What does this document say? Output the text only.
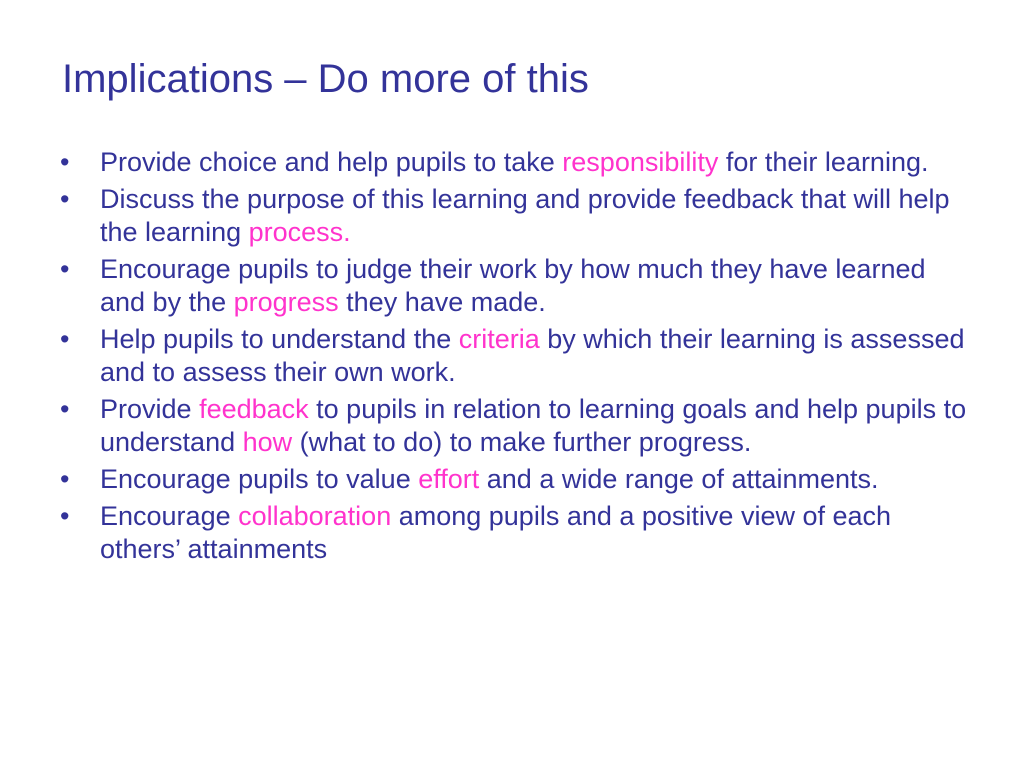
Implications – Do more of this
• Provide choice and help pupils to take responsibility for their learning.
• Discuss the purpose of this learning and provide feedback that will help the learning process.
• Encourage pupils to judge their work by how much they have learned and by the progress they have made.
• Help pupils to understand the criteria by which their learning is assessed and to assess their own work.
• Provide feedback to pupils in relation to learning goals and help pupils to understand how (what to do) to make further progress.
• Encourage pupils to value effort and a wide range of attainments.
• Encourage collaboration among pupils and a positive view of each others’ attainments
